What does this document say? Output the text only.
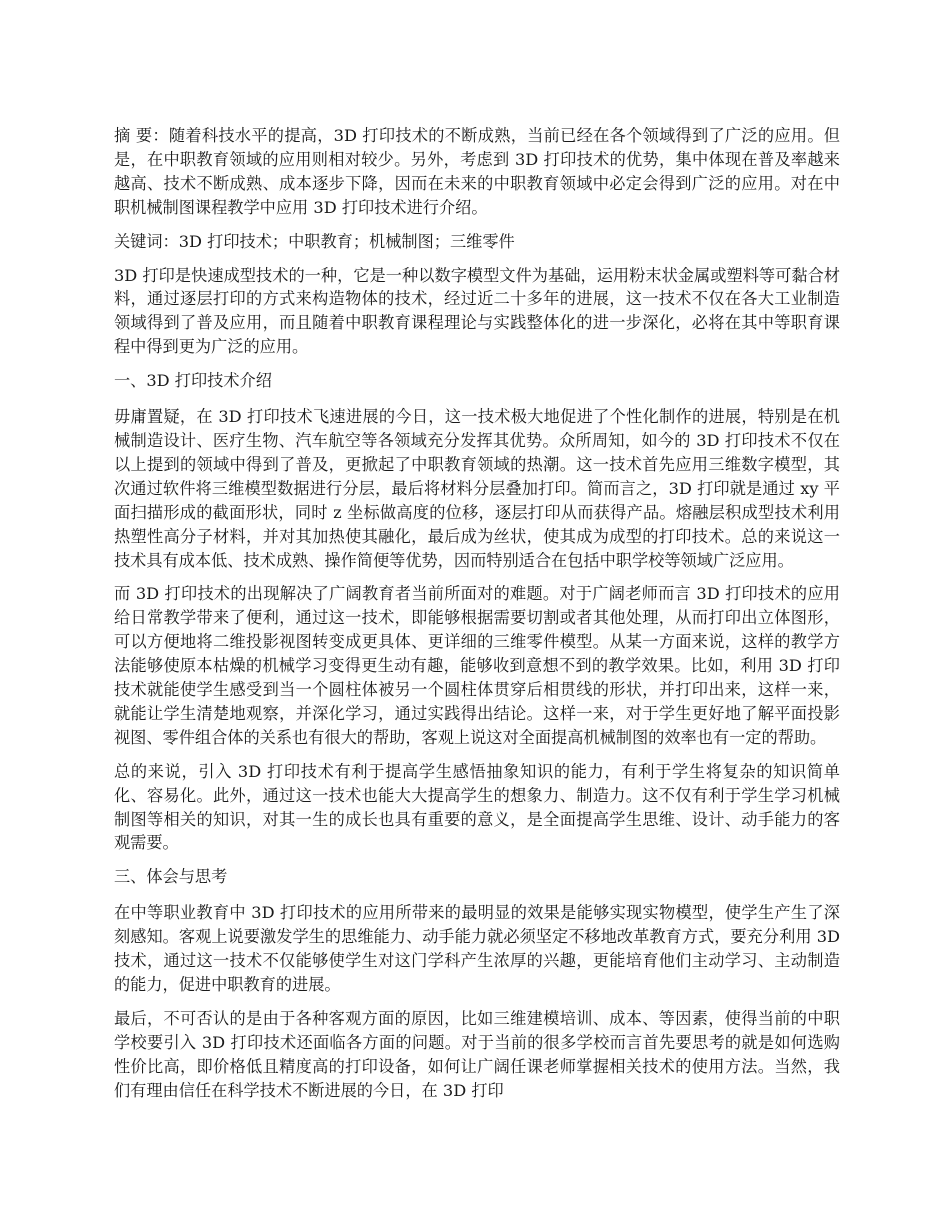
摘 要：随着科技水平的提高，3D 打印技术的不断成熟，当前已经在各个领域得到了广泛的应用。但是，在中职教育领域的应用则相对较少。另外，考虑到 3D 打印技术的优势，集中体现在普及率越来越高、技术不断成熟、成本逐步下降，因而在未来的中职教育领域中必定会得到广泛的应用。对在中职机械制图课程教学中应用 3D 打印技术进行介绍。

关键词：3D 打印技术；中职教育；机械制图；三维零件

3D 打印是快速成型技术的一种，它是一种以数字模型文件为基础，运用粉末状金属或塑料等可黏合材料，通过逐层打印的方式来构造物体的技术，经过近二十多年的进展，这一技术不仅在各大工业制造领域得到了普及应用，而且随着中职教育课程理论与实践整体化的进一步深化，必将在其中等职育课程中得到更为广泛的应用。

一、3D 打印技术介绍

毋庸置疑，在 3D 打印技术飞速进展的今日，这一技术极大地促进了个性化制作的进展，特别是在机械制造设计、医疗生物、汽车航空等各领域充分发挥其优势。众所周知，如今的 3D 打印技术不仅在以上提到的领域中得到了普及，更掀起了中职教育领域的热潮。这一技术首先应用三维数字模型，其次通过软件将三维模型数据进行分层，最后将材料分层叠加打印。简而言之，3D 打印就是通过 xy 平面扫描形成的截面形状，同时 z 坐标做高度的位移，逐层打印从而获得产品。熔融层积成型技术利用热塑性高分子材料，并对其加热使其融化，最后成为丝状，使其成为成型的打印技术。总的来说这一技术具有成本低、技术成熟、操作简便等优势，因而特别适合在包括中职学校等领域广泛应用。

而 3D 打印技术的出现解决了广阔教育者当前所面对的难题。对于广阔老师而言 3D 打印技术的应用给日常教学带来了便利，通过这一技术，即能够根据需要切割或者其他处理，从而打印出立体图形，可以方便地将二维投影视图转变成更具体、更详细的三维零件模型。从某一方面来说，这样的教学方法能够使原本枯燥的机械学习变得更生动有趣，能够收到意想不到的教学效果。比如，利用 3D 打印技术就能使学生感受到当一个圆柱体被另一个圆柱体贯穿后相贯线的形状，并打印出来，这样一来，就能让学生清楚地观察，并深化学习，通过实践得出结论。这样一来，对于学生更好地了解平面投影视图、零件组合体的关系也有很大的帮助，客观上说这对全面提高机械制图的效率也有一定的帮助。

总的来说，引入 3D 打印技术有利于提高学生感悟抽象知识的能力，有利于学生将复杂的知识简单化、容易化。此外，通过这一技术也能大大提高学生的想象力、制造力。这不仅有利于学生学习机械制图等相关的知识，对其一生的成长也具有重要的意义，是全面提高学生思维、设计、动手能力的客观需要。

三、体会与思考

在中等职业教育中 3D 打印技术的应用所带来的最明显的效果是能够实现实物模型，使学生产生了深刻感知。客观上说要激发学生的思维能力、动手能力就必须坚定不移地改革教育方式，要充分利用 3D 技术，通过这一技术不仅能够使学生对这门学科产生浓厚的兴趣，更能培育他们主动学习、主动制造的能力，促进中职教育的进展。

最后，不可否认的是由于各种客观方面的原因，比如三维建模培训、成本、等因素，使得当前的中职学校要引入 3D 打印技术还面临各方面的问题。对于当前的很多学校而言首先要思考的就是如何选购性价比高，即价格低且精度高的打印设备，如何让广阔任课老师掌握相关技术的使用方法。当然，我们有理由信任在科学技术不断进展的今日，在 3D 打印
